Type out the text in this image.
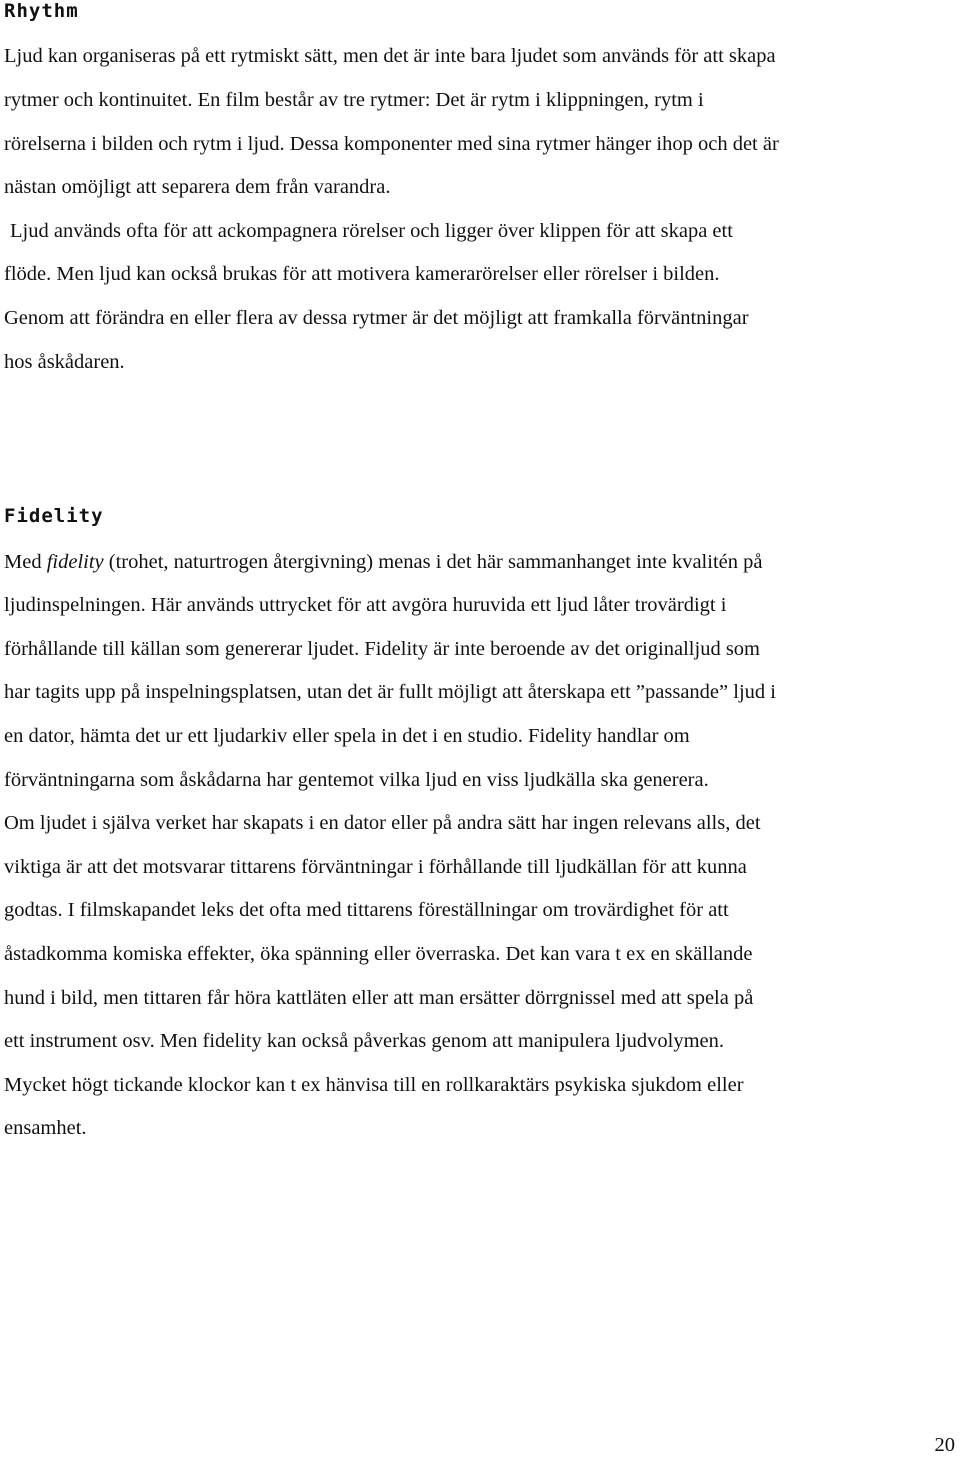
Rhythm

Ljud kan organiseras på ett rytmiskt sätt, men det är inte bara ljudet som används för att skapa

rytmer och kontinuitet. En film består av tre rytmer: Det är rytm i klippningen, rytm i

rörelserna i bilden och rytm i ljud. Dessa komponenter med sina rytmer hänger ihop och det är

nästan omöjligt att separera dem från varandra.

Ljud används ofta för att ackompagnera rörelser och ligger över klippen för att skapa ett

flöde. Men ljud kan också brukas för att motivera kamerarörelser eller rörelser i bilden.

Genom att förändra en eller flera av dessa rytmer är det möjligt att framkalla förväntningar

hos åskådaren.

Fidelity

Med fidelity (trohet, naturtrogen återgivning) menas i det här sammanhanget inte kvalitén på

ljudinspelningen. Här används uttrycket för att avgöra huruvida ett ljud låter trovärdigt i

förhållande till källan som genererar ljudet. Fidelity är inte beroende av det originalljud som

har tagits upp på inspelningsplatsen, utan det är fullt möjligt att återskapa ett ”passande” ljud i

en dator, hämta det ur ett ljudarkiv eller spela in det i en studio. Fidelity handlar om

förväntningarna som åskådarna har gentemot vilka ljud en viss ljudkälla ska generera.

Om ljudet i själva verket har skapats i en dator eller på andra sätt har ingen relevans alls, det

viktiga är att det motsvarar tittarens förväntningar i förhållande till ljudkällan för att kunna

godtas. I filmskapandet leks det ofta med tittarens föreställningar om trovärdighet för att

åstadkomma komiska effekter, öka spänning eller överraska. Det kan vara t ex en skällande

hund i bild, men tittaren får höra kattläten eller att man ersätter dörrgnissel med att spela på

ett instrument osv. Men fidelity kan också påverkas genom att manipulera ljudvolymen.

Mycket högt tickande klockor kan t ex hänvisa till en rollkaraktärs psykiska sjukdom eller

ensamhet.

20
